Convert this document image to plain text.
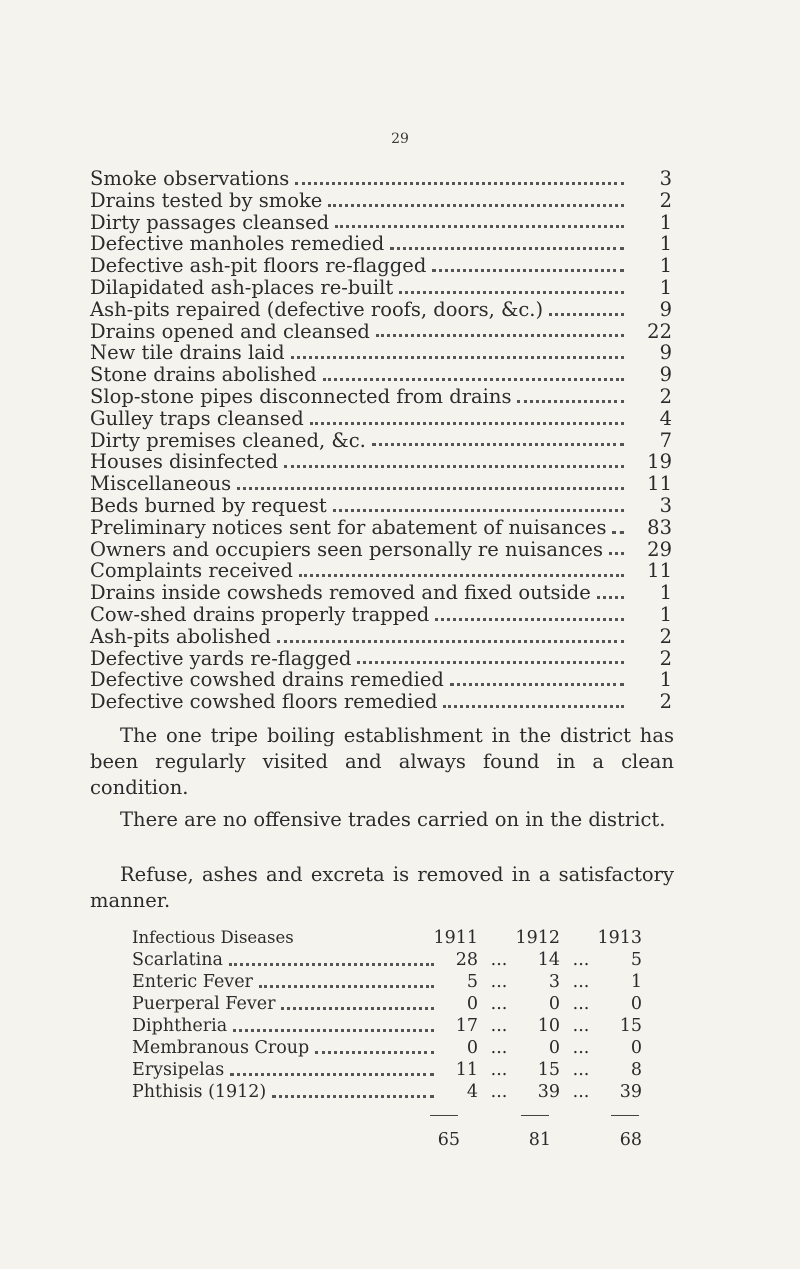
29
Smoke observations	3
Drains tested by smoke	2
Dirty passages cleansed	1
Defective manholes remedied	1
Defective ash-pit floors re-flagged	1
Dilapidated ash-places re-built	1
Ash-pits repaired (defective roofs, doors, &c.)	9
Drains opened and cleansed	22
New tile drains laid	9
Stone drains abolished	9
Slop-stone pipes disconnected from drains	2
Gulley traps cleansed	4
Dirty premises cleaned, &c.	7
Houses disinfected	19
Miscellaneous	11
Beds burned by request	3
Preliminary notices sent for abatement of nuisances	83
Owners and occupiers seen personally re nuisances	29
Complaints received	11
Drains inside cowsheds removed and fixed outside	1
Cow-shed drains properly trapped	1
Ash-pits abolished	2
Defective yards re-flagged	2
Defective cowshed drains remedied	1
Defective cowshed floors remedied	2
The one tripe boiling establishment in the district has been regularly visited and always found in a clean condition.
There are no offensive trades carried on in the district.
Refuse, ashes and excreta is removed in a satisfactory manner.
Infectious Diseases	1911	1912	1913
Scarlatina	28 ...	14 ...	5
Enteric Fever	5 ...	3 ...	1
Puerperal Fever	0 ...	0 ...	0
Diphtheria	17 ...	10 ...	15
Membranous Croup	0 ...	0 ...	0
Erysipelas	11 ...	15 ...	8
Phthisis (1912)	4 ...	39 ...	39
65	81	68
